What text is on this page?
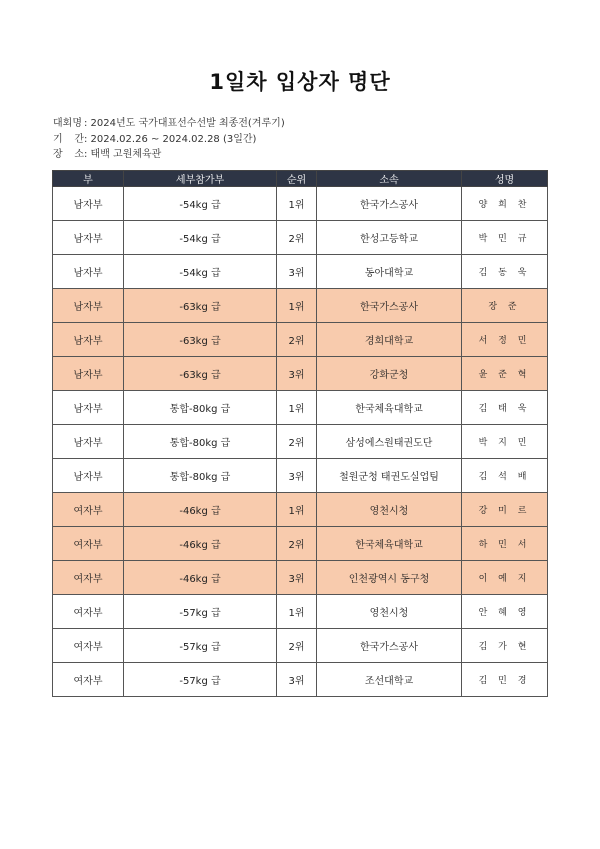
1일차 입상자 명단
대회명 : 2024년도 국가대표선수선발 최종전(겨루기)
기 간 : 2024.02.26 ~ 2024.02.28 (3일간)
장 소 : 태백 고원체육관
부	세부참가부	순위	소속	성명
남자부	-54kg 급	1위	한국가스공사	양 희 찬
남자부	-54kg 급	2위	한성고등학교	박 민 규
남자부	-54kg 급	3위	동아대학교	김 동 욱
남자부	-63kg 급	1위	한국가스공사	장 준
남자부	-63kg 급	2위	경희대학교	서 정 민
남자부	-63kg 급	3위	강화군청	윤 준 혁
남자부	통합-80kg 급	1위	한국체육대학교	김 태 욱
남자부	통합-80kg 급	2위	삼성에스원태권도단	박 지 민
남자부	통합-80kg 급	3위	철원군청 태권도실업팀	김 석 배
여자부	-46kg 급	1위	영천시청	강 미 르
여자부	-46kg 급	2위	한국체육대학교	하 민 서
여자부	-46kg 급	3위	인천광역시 동구청	이 예 지
여자부	-57kg 급	1위	영천시청	안 혜 영
여자부	-57kg 급	2위	한국가스공사	김 가 현
여자부	-57kg 급	3위	조선대학교	김 민 경
